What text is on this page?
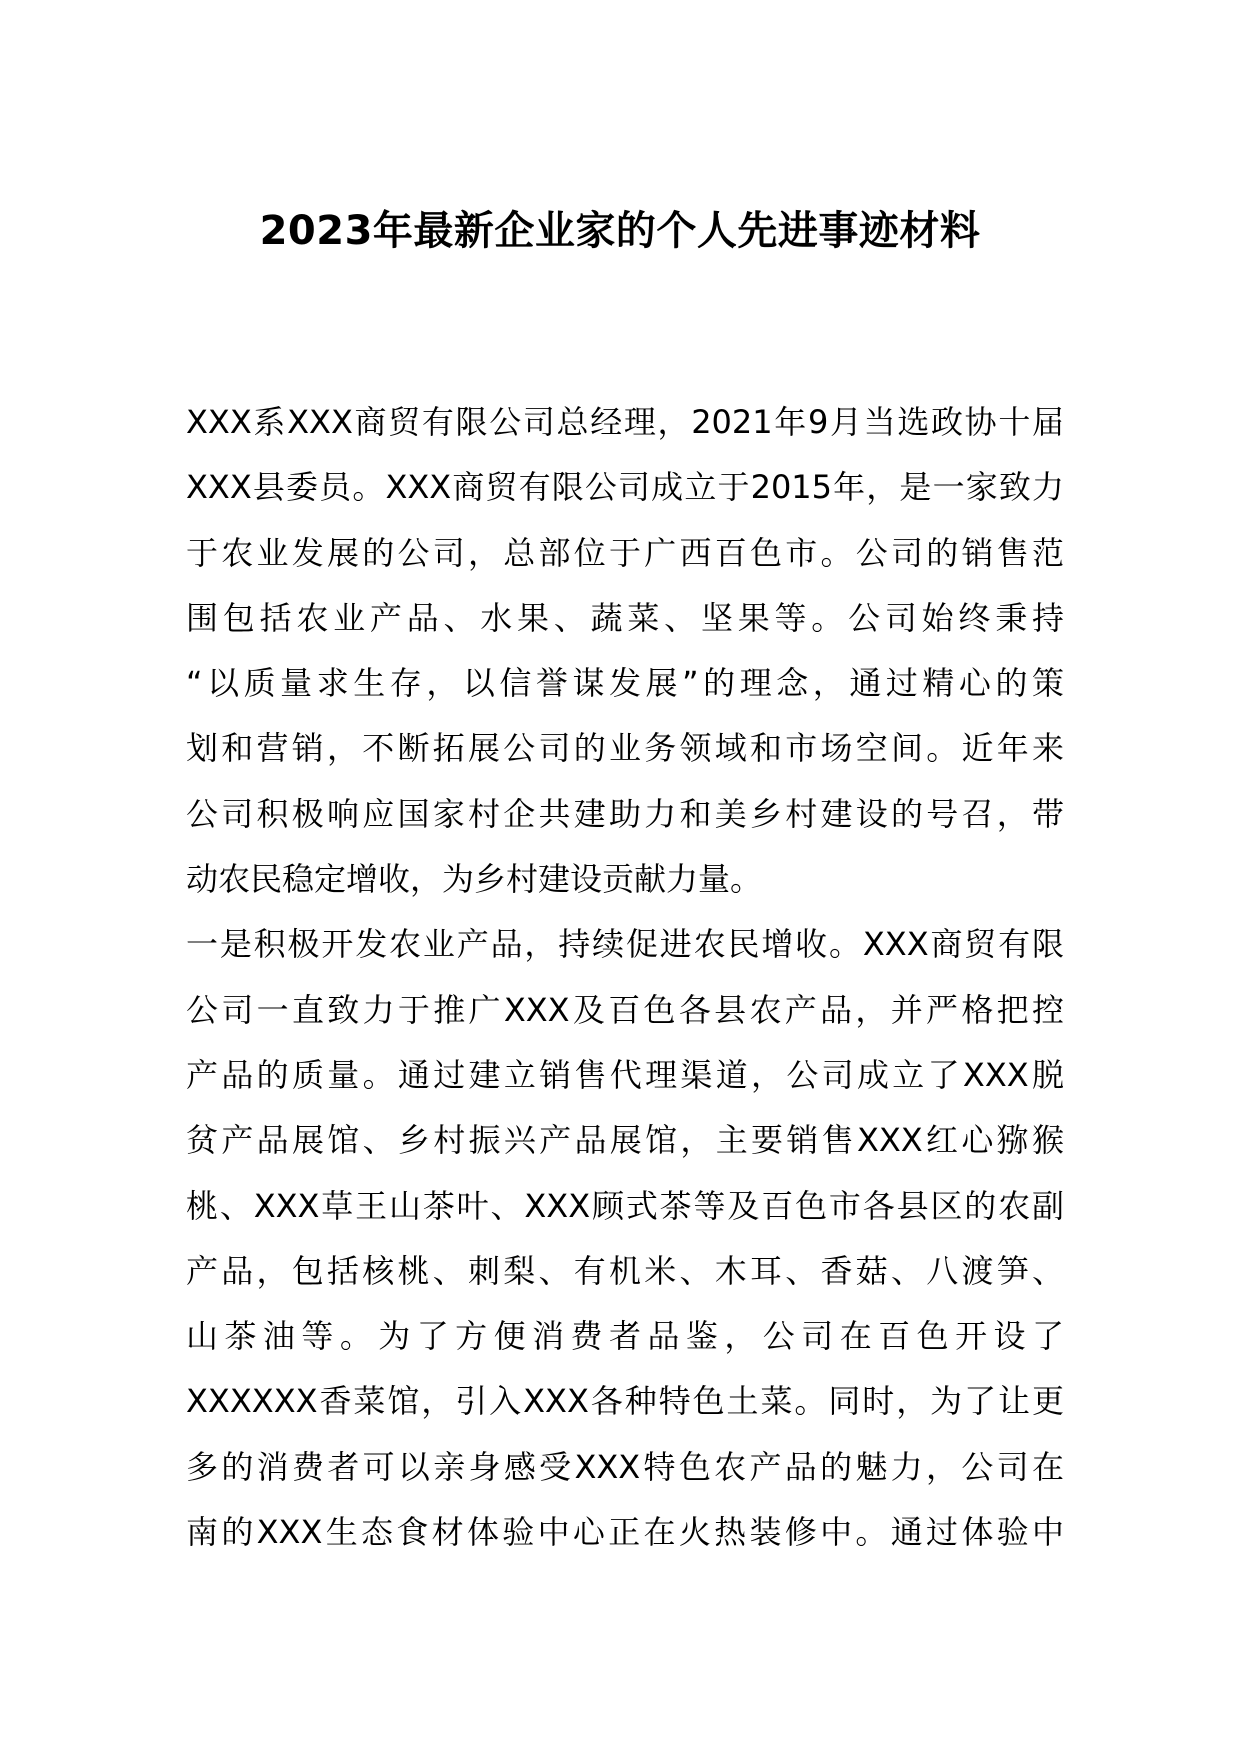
2023年最新企业家的个人先进事迹材料

XXX系XXX商贸有限公司总经理，2021年9月当选政协十届

XXX县委员。XXX商贸有限公司成立于2015年，是一家致力

于农业发展的公司，总部位于广西百色市。公司的销售范

围包括农业产品、水果、蔬菜、坚果等。公司始终秉持

“以质量求生存，以信誉谋发展”的理念，通过精心的策

划和营销，不断拓展公司的业务领域和市场空间。近年来

公司积极响应国家村企共建助力和美乡村建设的号召，带

动农民稳定增收，为乡村建设贡献力量。

一是积极开发农业产品，持续促进农民增收。XXX商贸有限

公司一直致力于推广XXX及百色各县农产品，并严格把控

产品的质量。通过建立销售代理渠道，公司成立了XXX脱

贫产品展馆、乡村振兴产品展馆，主要销售XXX红心猕猴

桃、XXX草王山茶叶、XXX顾式茶等及百色市各县区的农副

产品，包括核桃、刺梨、有机米、木耳、香菇、八渡笋、

山茶油等。为了方便消费者品鉴，公司在百色开设了

XXXXXX香菜馆，引入XXX各种特色土菜。同时，为了让更

多的消费者可以亲身感受XXX特色农产品的魅力，公司在

南的XXX生态食材体验中心正在火热装修中。通过体验中
